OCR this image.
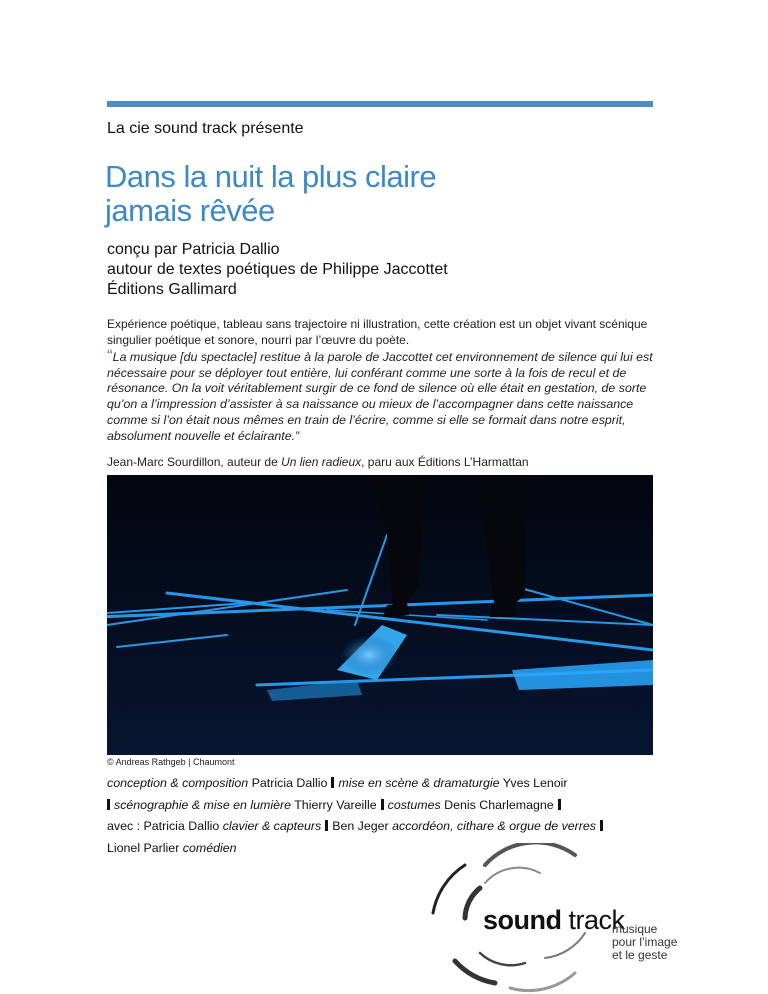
La cie sound track présente
Dans la nuit la plus claire
jamais rêvée
conçu par Patricia Dallio
autour de textes poétiques de Philippe Jaccottet
Éditions Gallimard
Expérience poétique, tableau sans trajectoire ni illustration, cette création est un objet vivant scénique singulier poétique et sonore, nourri par l’œuvre du poète.
“La musique [du spectacle] restitue à la parole de Jaccottet cet environnement de silence qui lui est nécessaire pour se déployer tout entière, lui conférant comme une sorte à la fois de recul et de résonance. On la voit véritablement surgir de ce fond de silence où elle était en gestation, de sorte qu’on a l’impression d’assister à sa naissance ou mieux de l’accompagner dans cette naissance comme si l’on était nous mêmes en train de l’écrire, comme si elle se formait dans notre esprit, absolument nouvelle et éclairante.”
Jean-Marc Sourdillon, auteur de Un lien radieux, paru aux Éditions L’Harmattan
© Andreas Rathgeb | Chaumont
conception & composition Patricia Dallio mise en scène & dramaturgie Yves Lenoir
scénographie & mise en lumière Thierry Vareille costumes Denis Charlemagne
avec : Patricia Dallio clavier & capteurs Ben Jeger accordéon, cithare & orgue de verres
Lionel Parlier comédien
sound track
musique
pour l’image
et le geste
